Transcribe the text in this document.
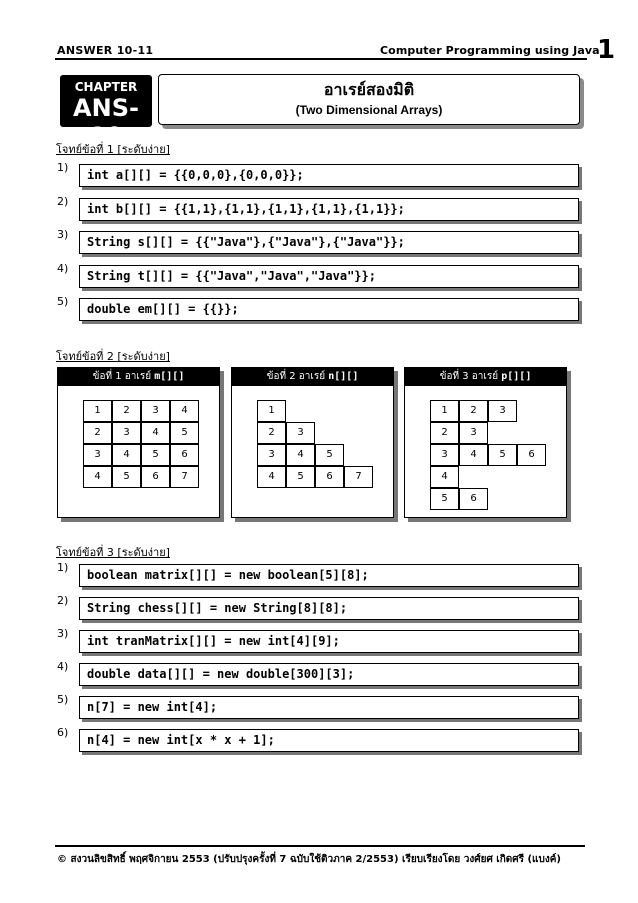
ANSWER 10-11	Computer Programming using Java
1
CHAPTER
ANS-10
อาเรย์สองมิติ
(Two Dimensional Arrays)
โจทย์ข้อที่ 1 [ระดับง่าย]
1)
int a[][] = {{0,0,0},{0,0,0}};
2)
int b[][] = {{1,1},{1,1},{1,1},{1,1},{1,1}};
3)
String s[][] = {{"Java"},{"Java"},{"Java"}};
4)
String t[][] = {{"Java","Java","Java"}};
5)
double em[][] = {{}};
โจทย์ข้อที่ 2 [ระดับง่าย]
ข้อที่ 1 อาเรย์ m[][]
1	2	3	4
2	3	4	5
3	4	5	6
4	5	6	7
ข้อที่ 2 อาเรย์ n[][]
1
2	3
3	4	5
4	5	6	7
ข้อที่ 3 อาเรย์ p[][]
1	2	3
2	3
3	4	5	6
4
5	6
โจทย์ข้อที่ 3 [ระดับง่าย]
1)
boolean matrix[][] = new boolean[5][8];
2)
String chess[][] = new String[8][8];
3)
int tranMatrix[][] = new int[4][9];
4)
double data[][] = new double[300][3];
5)
n[7] = new int[4];
6)
n[4] = new int[x * x + 1];
© สงวนลิขสิทธิ์ พฤศจิกายน 2553 (ปรับปรุงครั้งที่ 7 ฉบับใช้ติวภาค 2/2553) เรียบเรียงโดย วงศ์ยศ เกิดศรี (แบงค์)
